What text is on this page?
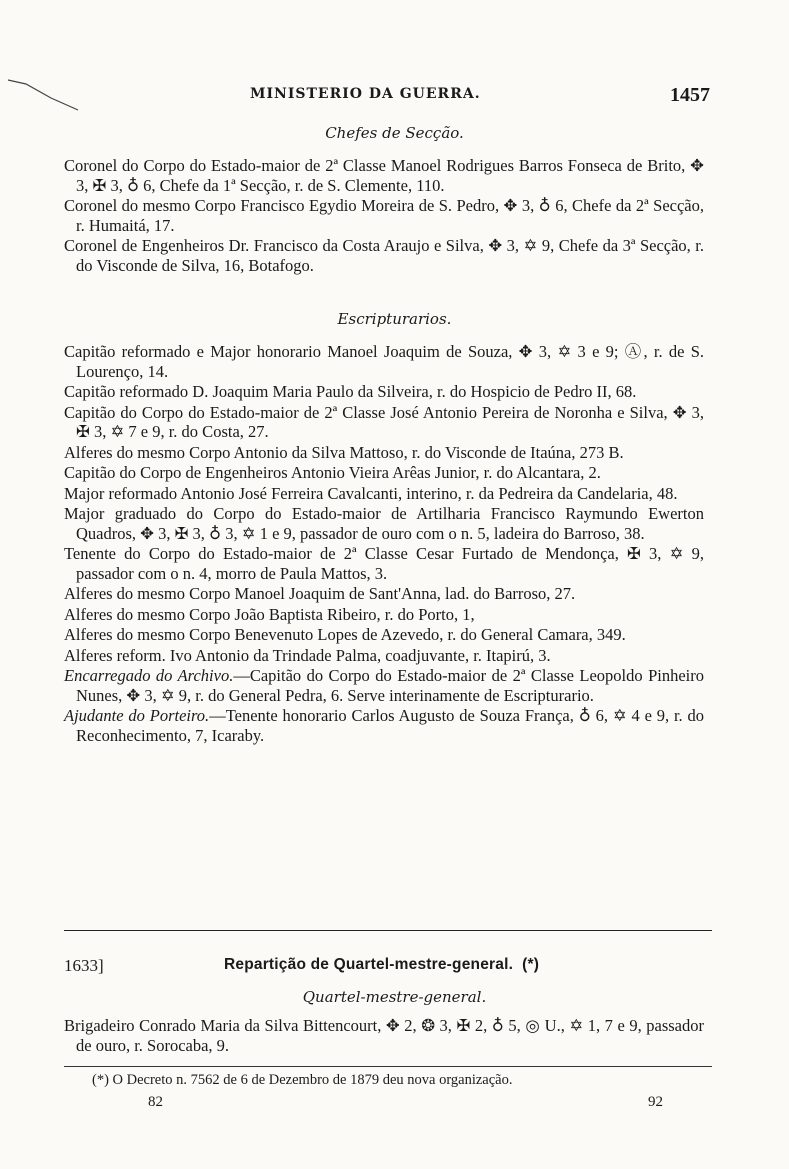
MINISTERIO DA GUERRA.	1457
Chefes de Secção.

Coronel do Corpo do Estado-maior de 2ª Classe Manoel Rodrigues Barros Fonseca de Brito, ✥ 3, ✠ 3, ♁ 6, Chefe da 1ª Secção, r. de S. Clemente, 110.

Coronel do mesmo Corpo Francisco Egydio Moreira de S. Pedro, ✥ 3, ♁ 6, Chefe da 2ª Secção, r. Humaitá, 17.

Coronel de Engenheiros Dr. Francisco da Costa Araujo e Silva, ✥ 3, ✡ 9, Chefe da 3ª Secção, r. do Visconde de Silva, 16, Botafogo.

Escripturarios.

Capitão reformado e Major honorario Manoel Joaquim de Souza, ✥ 3, ✡ 3 e 9; Ⓐ, r. de S. Lourenço, 14.

Capitão reformado D. Joaquim Maria Paulo da Silveira, r. do Hospicio de Pedro II, 68.

Capitão do Corpo do Estado-maior de 2ª Classe José Antonio Pereira de Noronha e Silva, ✥ 3, ✠ 3, ✡ 7 e 9, r. do Costa, 27.

Alferes do mesmo Corpo Antonio da Silva Mattoso, r. do Visconde de Itaúna, 273 B.

Capitão do Corpo de Engenheiros Antonio Vieira Arêas Junior, r. do Alcantara, 2.

Major reformado Antonio José Ferreira Cavalcanti, interino, r. da Pedreira da Candelaria, 48.

Major graduado do Corpo do Estado-maior de Artilharia Francisco Raymundo Ewerton Quadros, ✥ 3, ✠ 3, ♁ 3, ✡ 1 e 9, passador de ouro com o n. 5, ladeira do Barroso, 38.

Tenente do Corpo do Estado-maior de 2ª Classe Cesar Furtado de Mendonça, ✠ 3, ✡ 9, passador com o n. 4, morro de Paula Mattos, 3.

Alferes do mesmo Corpo Manoel Joaquim de Sant'Anna, lad. do Barroso, 27.

Alferes do mesmo Corpo João Baptista Ribeiro, r. do Porto, 1,

Alferes do mesmo Corpo Benevenuto Lopes de Azevedo, r. do General Camara, 349.

Alferes reform. Ivo Antonio da Trindade Palma, coadjuvante, r. Itapirú, 3.

Encarregado do Archivo.—Capitão do Corpo do Estado-maior de 2ª Classe Leopoldo Pinheiro Nunes, ✥ 3, ✡ 9, r. do General Pedra, 6. Serve interinamente de Escripturario.

Ajudante do Porteiro.—Tenente honorario Carlos Augusto de Souza França, ♁ 6, ✡ 4 e 9, r. do Reconhecimento, 7, Icaraby.

1633]	Repartição de Quartel-mestre-general. (*)
Quartel-mestre-general.

Brigadeiro Conrado Maria da Silva Bittencourt, ✥ 2, ❂ 3, ✠ 2, ♁ 5, ◎ U., ✡ 1, 7 e 9, passador de ouro, r. Sorocaba, 9.

(*) O Decreto n. 7562 de 6 de Dezembro de 1879 deu nova organização.
82	92
